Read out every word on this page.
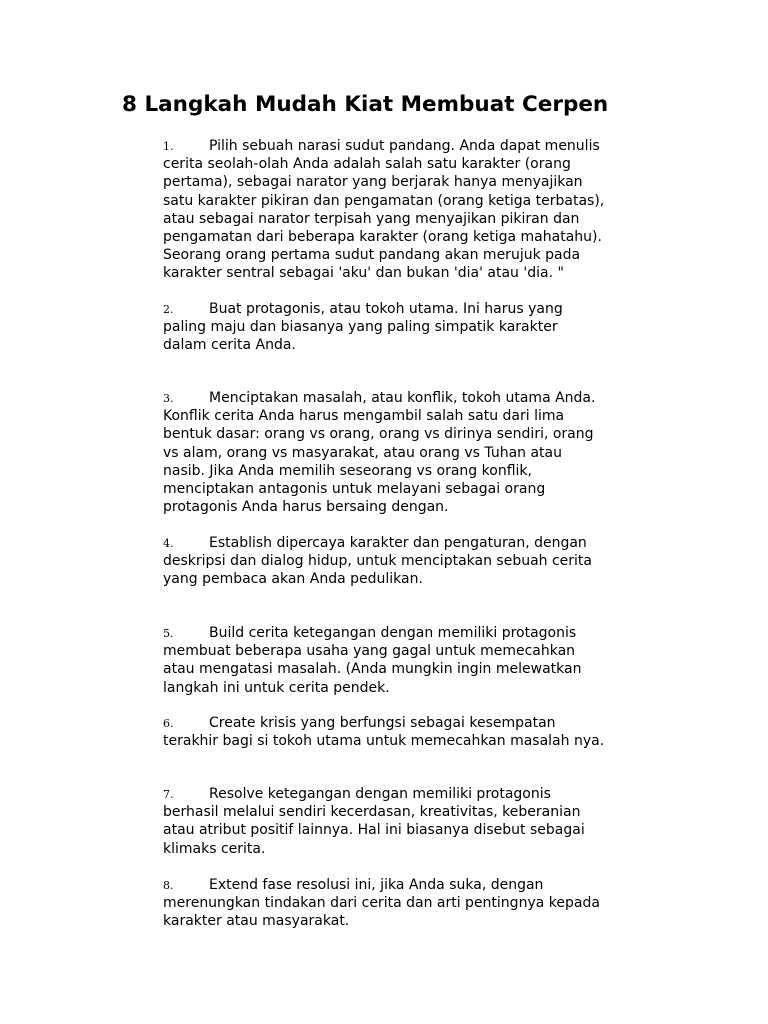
8 Langkah Mudah Kiat Membuat Cerpen
1.	Pilih sebuah narasi sudut pandang. Anda dapat menulis
cerita seolah-olah Anda adalah salah satu karakter (orang
pertama), sebagai narator yang berjarak hanya menyajikan
satu karakter pikiran dan pengamatan (orang ketiga terbatas),
atau sebagai narator terpisah yang menyajikan pikiran dan
pengamatan dari beberapa karakter (orang ketiga mahatahu).
Seorang orang pertama sudut pandang akan merujuk pada
karakter sentral sebagai 'aku' dan bukan 'dia' atau 'dia. "
2.	Buat protagonis, atau tokoh utama. Ini harus yang
paling maju dan biasanya yang paling simpatik karakter
dalam cerita Anda.
3.	Menciptakan masalah, atau konflik, tokoh utama Anda.
Konflik cerita Anda harus mengambil salah satu dari lima
bentuk dasar: orang vs orang, orang vs dirinya sendiri, orang
vs alam, orang vs masyarakat, atau orang vs Tuhan atau
nasib. Jika Anda memilih seseorang vs orang konflik,
menciptakan antagonis untuk melayani sebagai orang
protagonis Anda harus bersaing dengan.
4.	Establish dipercaya karakter dan pengaturan, dengan
deskripsi dan dialog hidup, untuk menciptakan sebuah cerita
yang pembaca akan Anda pedulikan.
5.	Build cerita ketegangan dengan memiliki protagonis
membuat beberapa usaha yang gagal untuk memecahkan
atau mengatasi masalah. (Anda mungkin ingin melewatkan
langkah ini untuk cerita pendek.
6.	Create krisis yang berfungsi sebagai kesempatan
terakhir bagi si tokoh utama untuk memecahkan masalah nya.
7.	Resolve ketegangan dengan memiliki protagonis
berhasil melalui sendiri kecerdasan, kreativitas, keberanian
atau atribut positif lainnya. Hal ini biasanya disebut sebagai
klimaks cerita.
8.	Extend fase resolusi ini, jika Anda suka, dengan
merenungkan tindakan dari cerita dan arti pentingnya kepada
karakter atau masyarakat.
